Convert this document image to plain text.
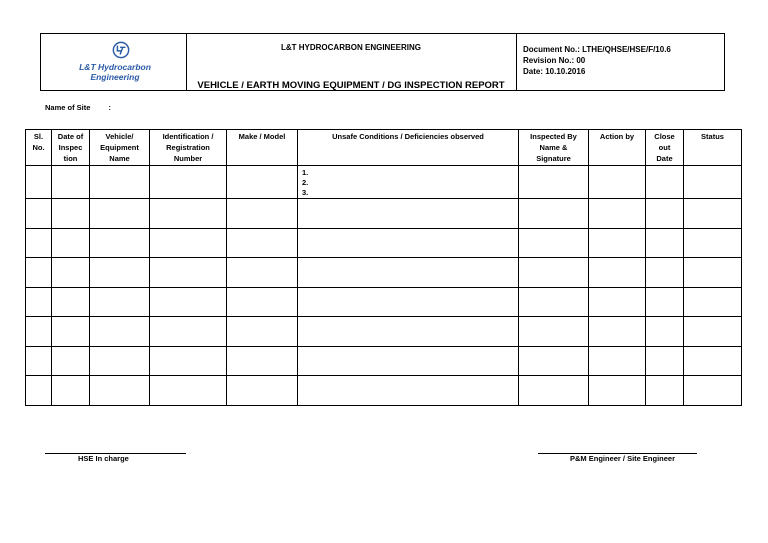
L&T Hydrocarbon
Engineering
L&T HYDROCARBON ENGINEERING
VEHICLE / EARTH MOVING EQUIPMENT / DG INSPECTION REPORT
Document No.: LTHE/QHSE/HSE/F/10.6
Revision No.: 00
Date: 10.10.2016
Name of Site :
Sl.
No.	Date of
Inspec
tion	Vehicle/
Equipment
Name	Identification /
Registration
Number	Make / Model	Unsafe Conditions / Deficiencies observed	Inspected By
Name &
Signature	Action by	Close
out
Date	Status

					1.
2.
3.				

HSE In charge	P&M Engineer / Site Engineer
